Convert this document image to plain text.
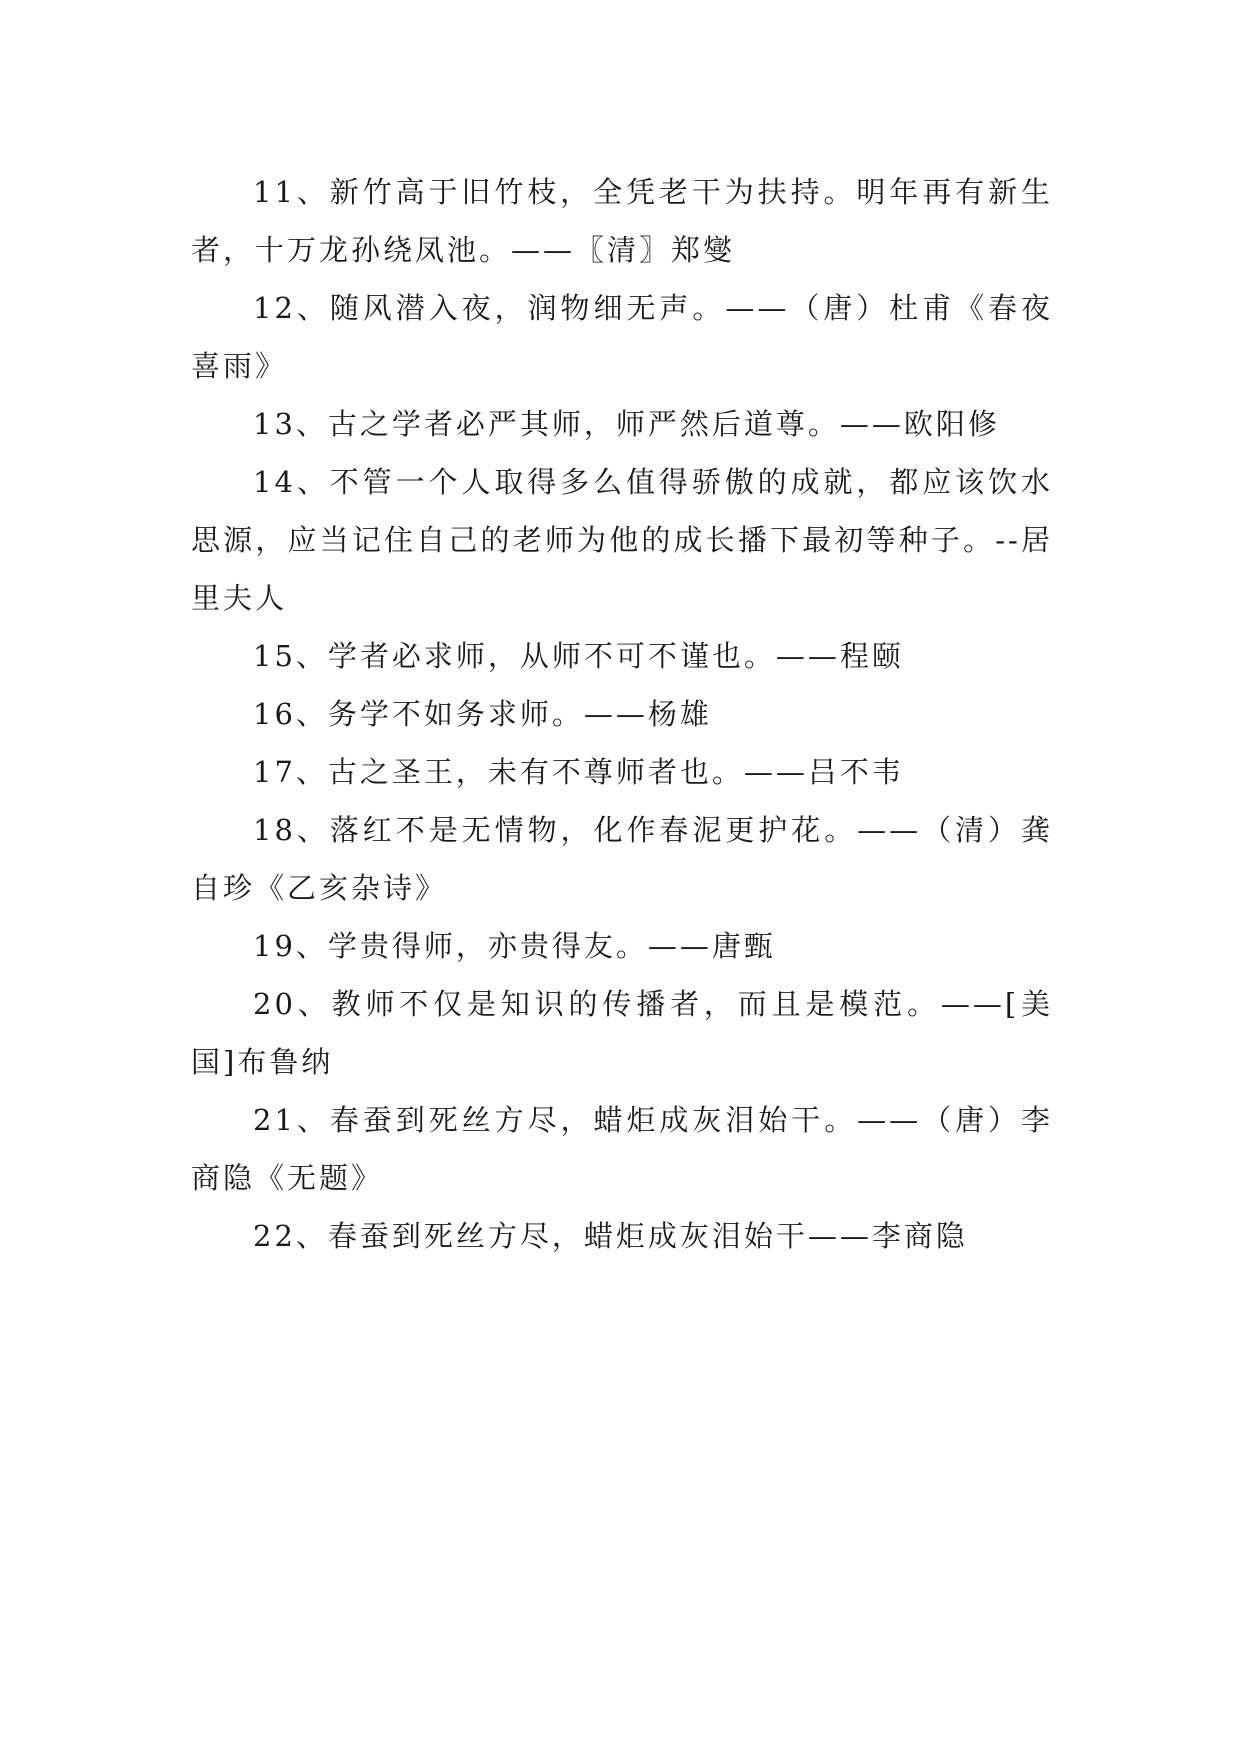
11、新竹高于旧竹枝，全凭老干为扶持。明年再有新生者，十万龙孙绕凤池。——〖清〗郑燮

12、随风潜入夜，润物细无声。——（唐）杜甫《春夜喜雨》

13、古之学者必严其师，师严然后道尊。——欧阳修

14、不管一个人取得多么值得骄傲的成就，都应该饮水思源，应当记住自己的老师为他的成长播下最初等种子。--居里夫人

15、学者必求师，从师不可不谨也。——程颐

16、务学不如务求师。——杨雄

17、古之圣王，未有不尊师者也。——吕不韦

18、落红不是无情物，化作春泥更护花。——（清）龚自珍《乙亥杂诗》

19、学贵得师，亦贵得友。——唐甄

20、教师不仅是知识的传播者，而且是模范。——[美国]布鲁纳

21、春蚕到死丝方尽，蜡炬成灰泪始干。——（唐）李商隐《无题》

22、春蚕到死丝方尽，蜡炬成灰泪始干——李商隐
